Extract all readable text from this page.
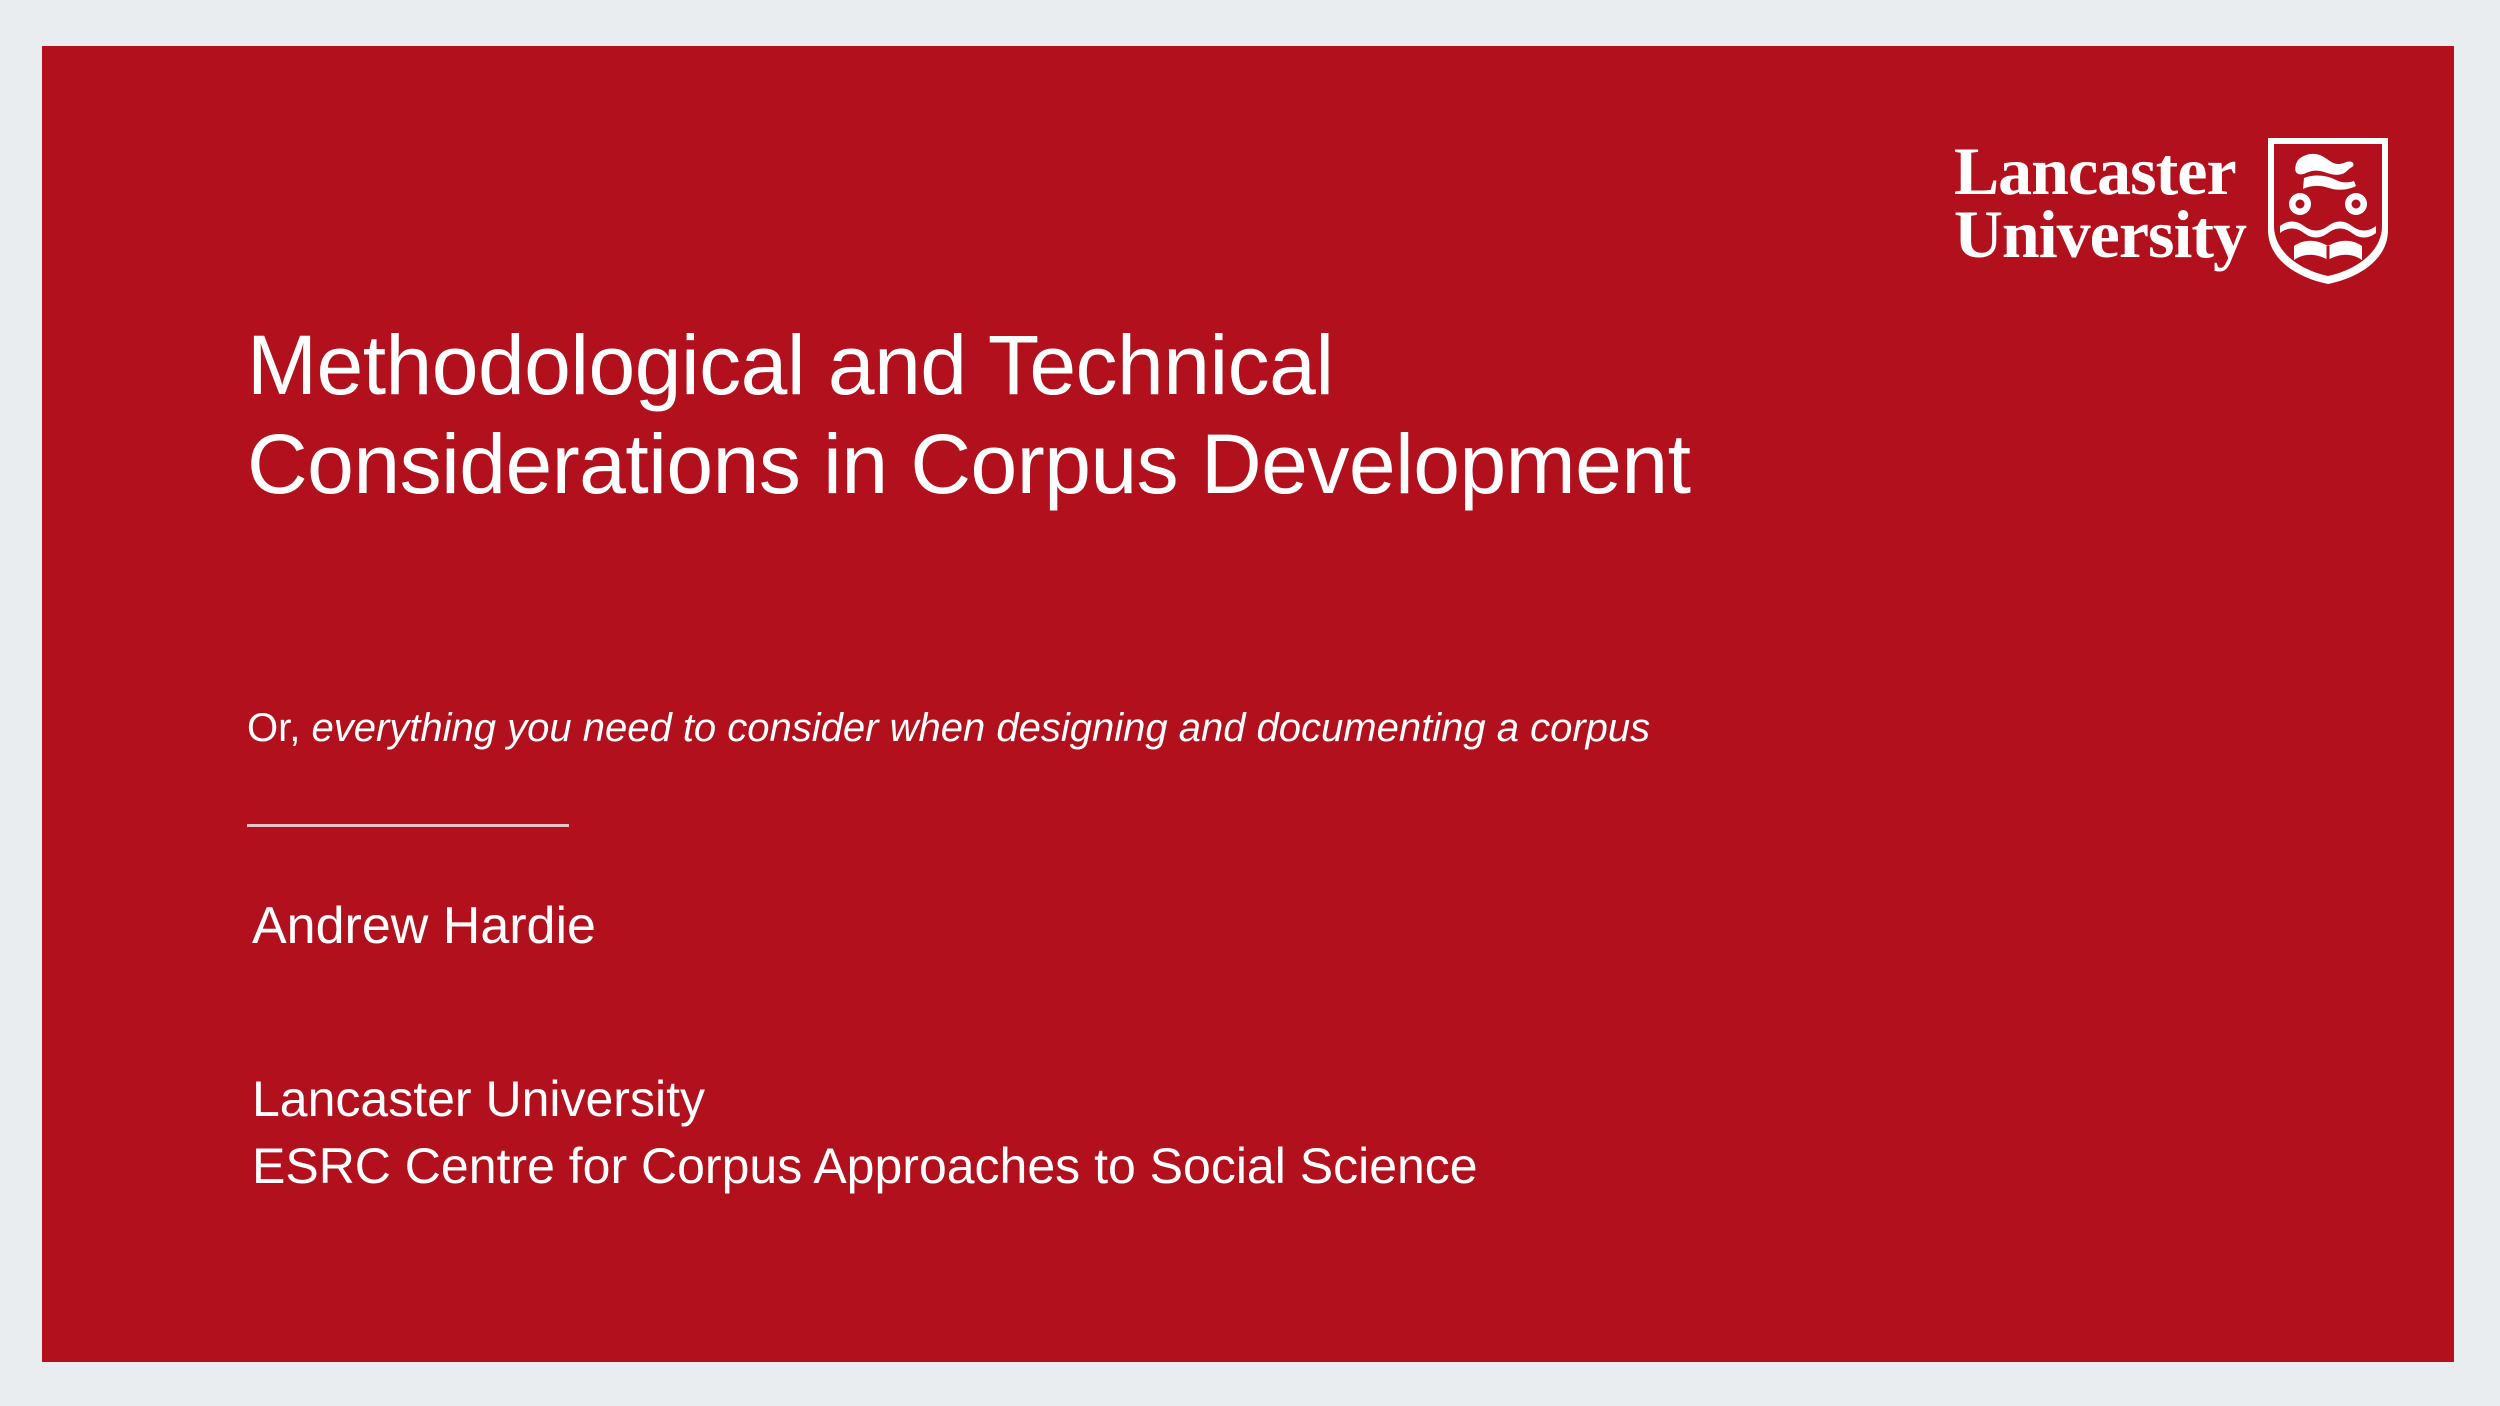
Lancaster
University
Methodological and Technical
Considerations in Corpus Development
Or, everything you need to consider when designing and documenting a corpus
Andrew Hardie
Lancaster University
ESRC Centre for Corpus Approaches to Social Science
